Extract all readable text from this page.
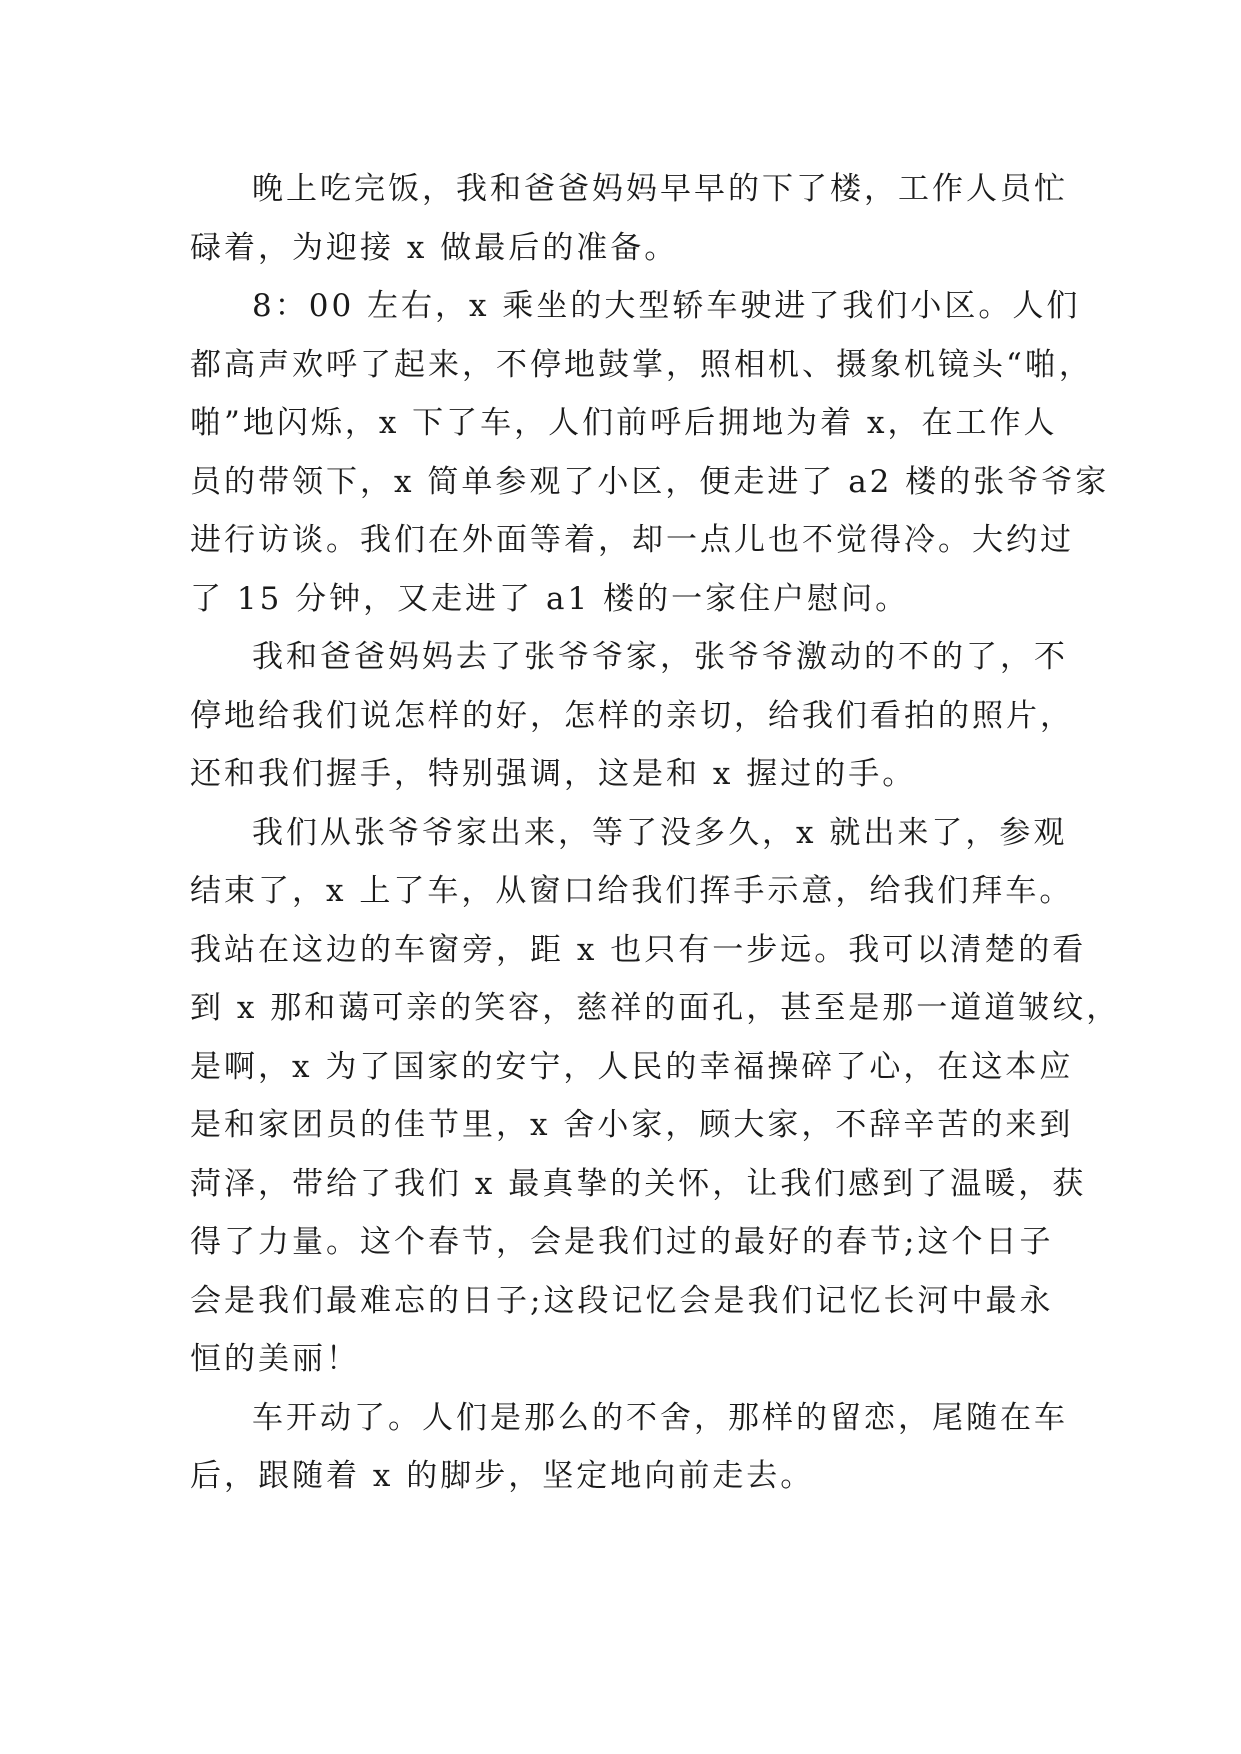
晚上吃完饭，我和爸爸妈妈早早的下了楼，工作人员忙
碌着，为迎接 x 做最后的准备。
8：00 左右，x 乘坐的大型轿车驶进了我们小区。人们
都高声欢呼了起来，不停地鼓掌，照相机、摄象机镜头“啪，
啪”地闪烁，x 下了车，人们前呼后拥地为着 x，在工作人
员的带领下，x 简单参观了小区，便走进了 a2 楼的张爷爷家
进行访谈。我们在外面等着，却一点儿也不觉得冷。大约过
了 15 分钟，又走进了 a1 楼的一家住户慰问。
我和爸爸妈妈去了张爷爷家，张爷爷激动的不的了，不
停地给我们说怎样的好，怎样的亲切，给我们看拍的照片，
还和我们握手，特别强调，这是和 x 握过的手。
我们从张爷爷家出来，等了没多久，x 就出来了，参观
结束了，x 上了车，从窗口给我们挥手示意，给我们拜车。
我站在这边的车窗旁，距 x 也只有一步远。我可以清楚的看
到 x 那和蔼可亲的笑容，慈祥的面孔，甚至是那一道道皱纹，
是啊，x 为了国家的安宁，人民的幸福操碎了心，在这本应
是和家团员的佳节里，x 舍小家，顾大家，不辞辛苦的来到
菏泽，带给了我们 x 最真挚的关怀，让我们感到了温暖，获
得了力量。这个春节，会是我们过的最好的春节;这个日子
会是我们最难忘的日子;这段记忆会是我们记忆长河中最永
恒的美丽！
车开动了。人们是那么的不舍，那样的留恋，尾随在车
后，跟随着 x 的脚步，坚定地向前走去。
